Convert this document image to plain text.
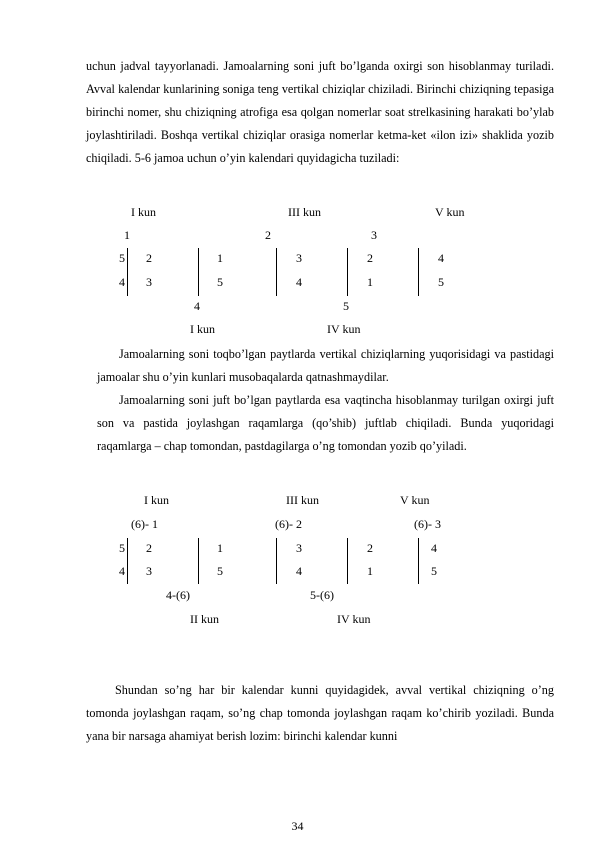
uchun jadval tayyorlanadi. Jamoalarning soni juft bo’lganda oxirgi son hisoblanmay turiladi. Avval kalendar kunlarining soniga teng vertikal chiziqlar chiziladi. Birinchi chiziqning tepasiga birinchi nomer, shu chiziqning atrofiga esa qolgan nomerlar soat strelkasining harakati bo’ylab joylashtiriladi. Boshqa vertikal chiziqlar orasiga nomerlar ketma-ket «ilon izi» shaklida yozib chiqiladi. 5-6 jamoa uchun o’yin kalendari quyidagicha tuziladi:
I kun	III kun	V kun
1	2	3
5 2	1	3	2	4
4 3	5	4	1	5
4	5
I kun	IV kun
Jamoalarning soni toqbo’lgan paytlarda vertikal chiziqlarning yuqorisidagi va pastidagi jamoalar shu o’yin kunlari musobaqalarda qatnashmaydilar.
Jamoalarning soni juft bo’lgan paytlarda esa vaqtincha hisoblanmay turilgan oxirgi juft son va pastida joylashgan raqamlarga (qo’shib) juftlab chiqiladi. Bunda yuqoridagi raqamlarga – chap tomondan, pastdagilarga o’ng tomondan yozib qo’yiladi.
I kun	III kun	V kun
(6)- 1	(6)- 2	(6)- 3
5 2	1	3	2	4
4 3	5	4	1	5
4-(6)	5-(6)
II kun	IV kun
Shundan so’ng har bir kalendar kunni quyidagidek, avval vertikal chiziqning o’ng tomonda joylashgan raqam, so’ng chap tomonda joylashgan raqam ko’chirib yoziladi. Bunda yana bir narsaga ahamiyat berish lozim: birinchi kalendar kunni
34
